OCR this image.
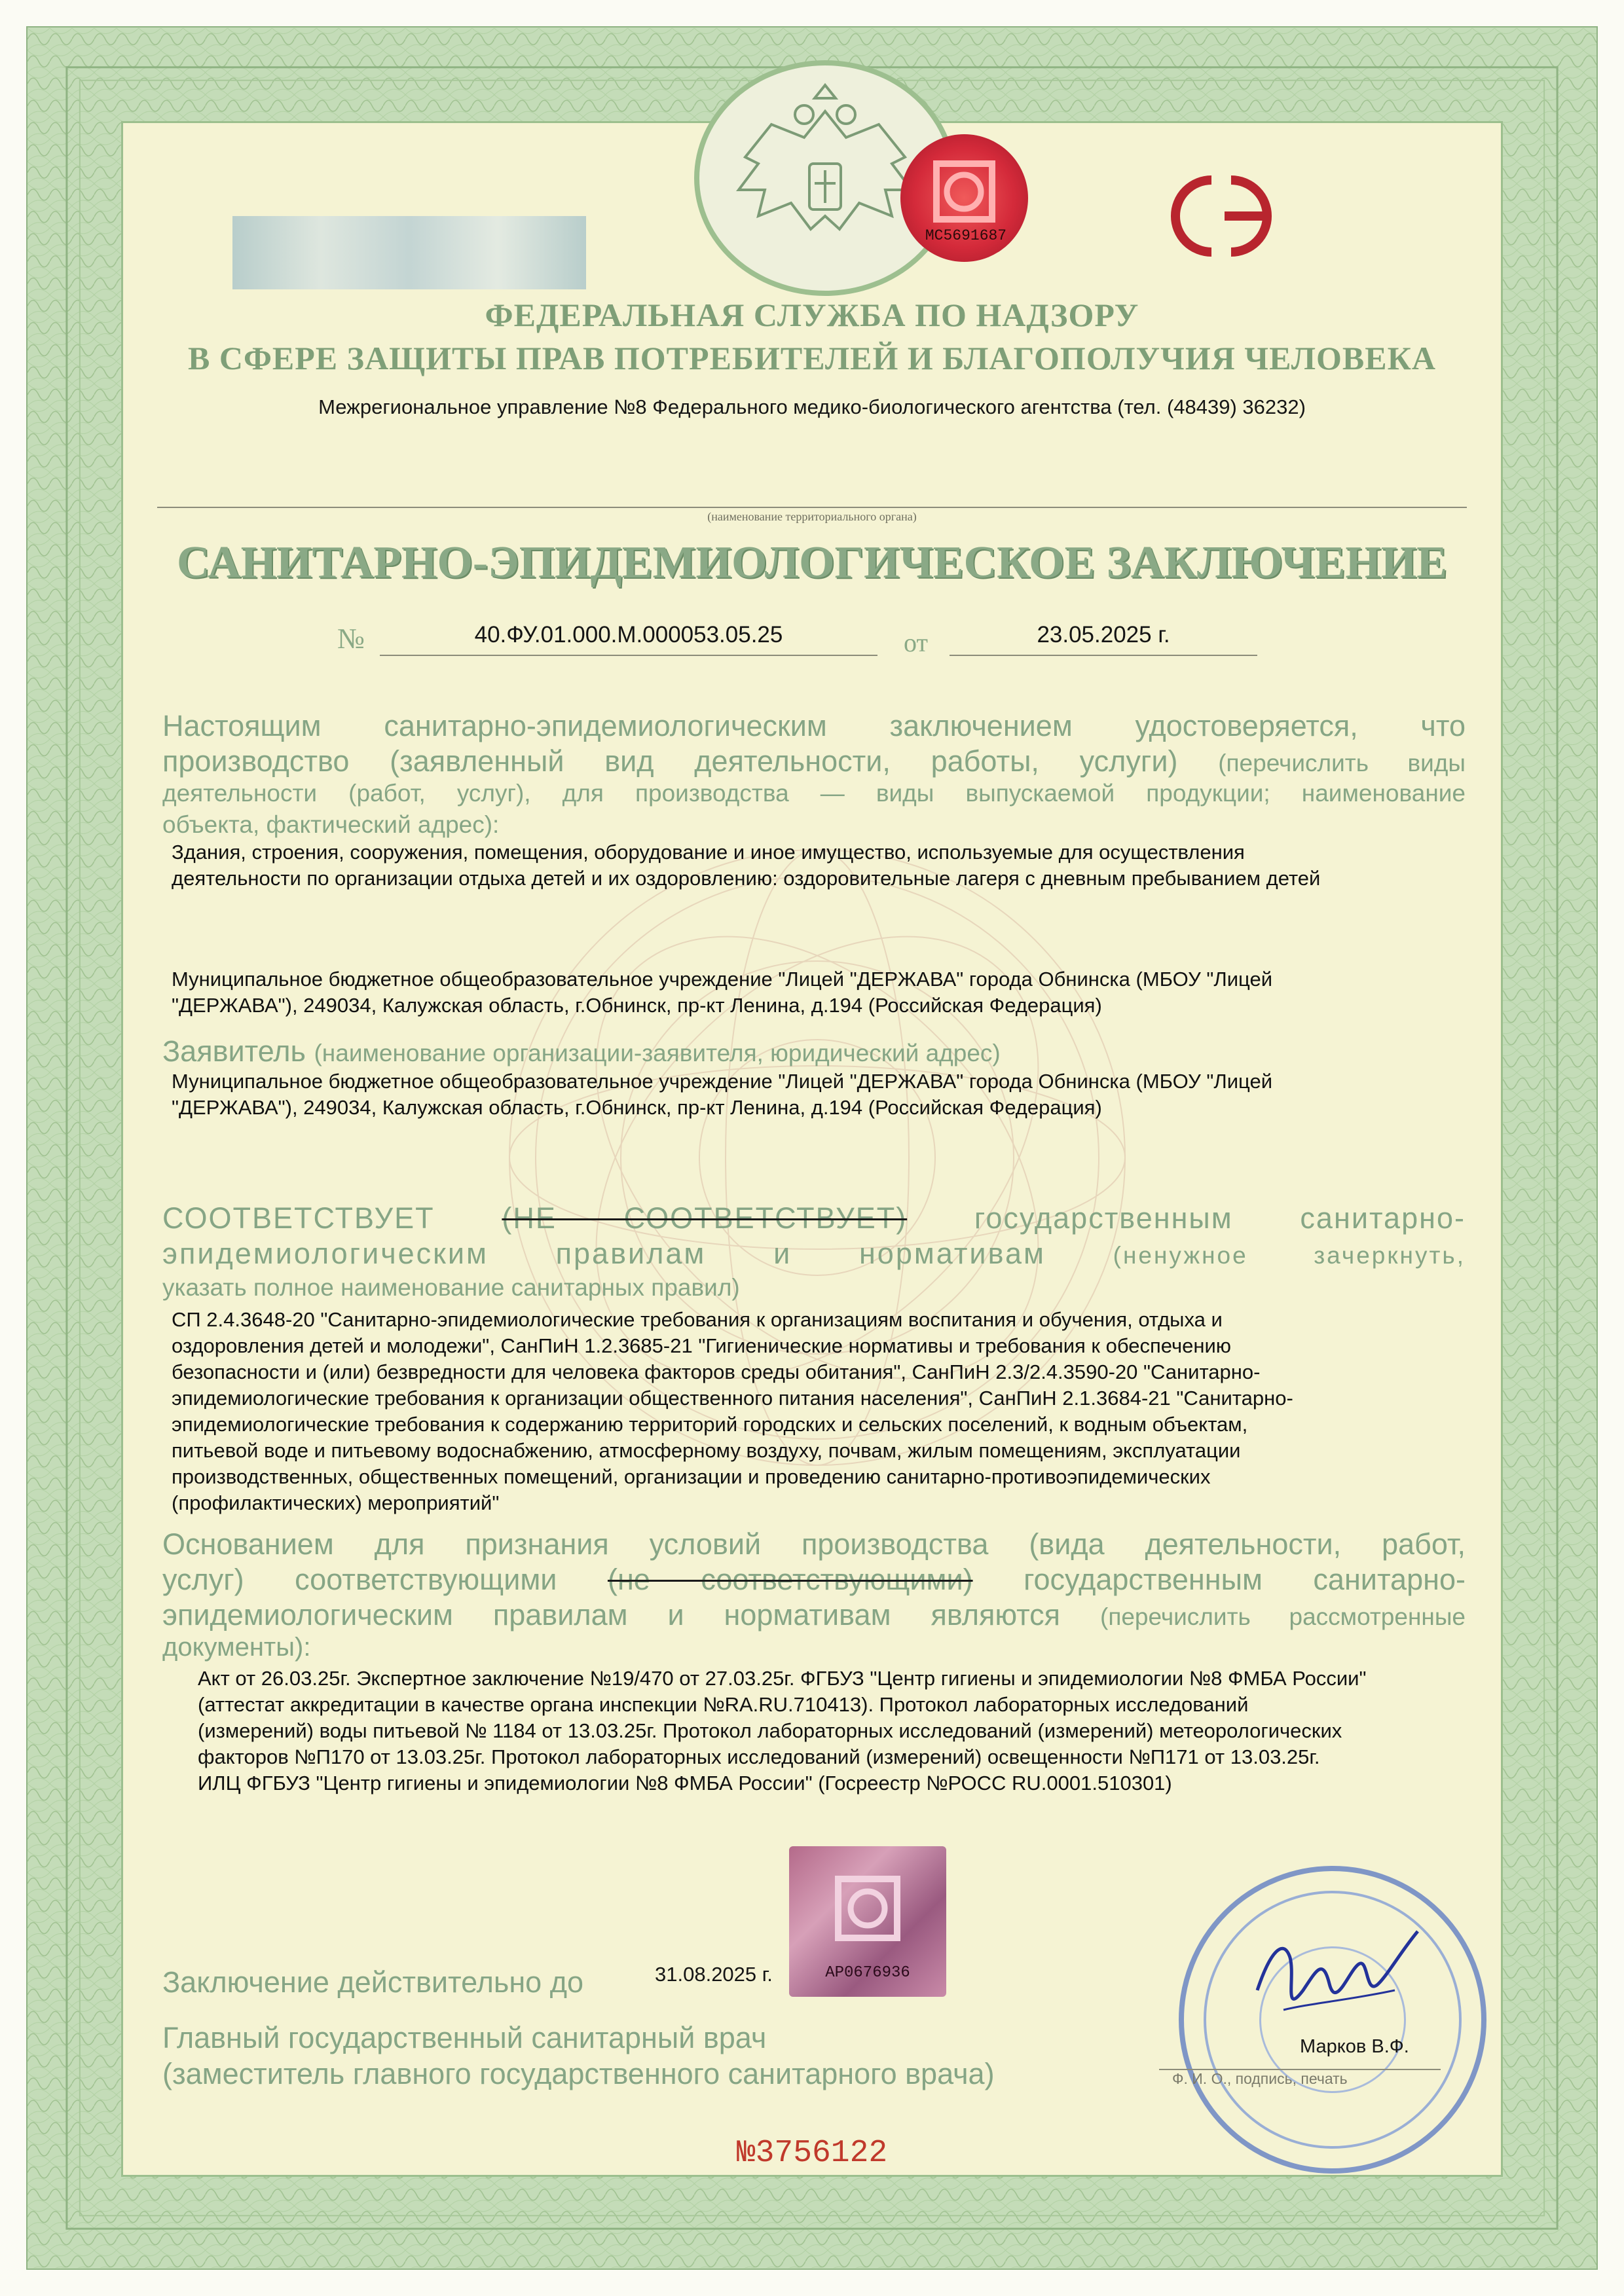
МС5691687
ФЕДЕРАЛЬНАЯ СЛУЖБА ПО НАДЗОРУ
В СФЕРЕ ЗАЩИТЫ ПРАВ ПОТРЕБИТЕЛЕЙ И БЛАГОПОЛУЧИЯ ЧЕЛОВЕКА
Межрегиональное управление №8 Федерального медико-биологического агентства (тел. (48439) 36232)
(наименование территориального органа)
САНИТАРНО-ЭПИДЕМИОЛОГИЧЕСКОЕ ЗАКЛЮЧЕНИЕ
№	40.ФУ.01.000.М.000053.05.25	от	23.05.2025 г.
Настоящим санитарно-эпидемиологическим заключением удостоверяется, что
производство (заявленный вид деятельности, работы, услуги) (перечислить виды
деятельности (работ, услуг), для производства — виды выпускаемой продукции; наименование
объекта, фактический адрес):
Здания, строения, сооружения, помещения, оборудование и иное имущество, используемые для осуществления
деятельности по организации отдыха детей и их оздоровлению: оздоровительные лагеря с дневным пребыванием детей
Муниципальное бюджетное общеобразовательное учреждение "Лицей "ДЕРЖАВА" города Обнинска (МБОУ "Лицей
"ДЕРЖАВА"), 249034, Калужская область, г.Обнинск, пр-кт Ленина, д.194 (Российская Федерация)
Заявитель (наименование организации-заявителя, юридический адрес)
Муниципальное бюджетное общеобразовательное учреждение "Лицей "ДЕРЖАВА" города Обнинска (МБОУ "Лицей
"ДЕРЖАВА"), 249034, Калужская область, г.Обнинск, пр-кт Ленина, д.194 (Российская Федерация)
СООТВЕТСТВУЕТ (НЕ СООТВЕТСТВУЕТ) государственным санитарно-
эпидемиологическим правилам и нормативам	(ненужное зачеркнуть,
указать полное наименование санитарных правил)
СП 2.4.3648-20 "Санитарно-эпидемиологические требования к организациям воспитания и обучения, отдыха и
оздоровления детей и молодежи", СанПиН 1.2.3685-21 "Гигиенические нормативы и требования к обеспечению
безопасности и (или) безвредности для человека факторов среды обитания", СанПиН 2.3/2.4.3590-20 "Санитарно-
эпидемиологические требования к организации общественного питания населения", СанПиН 2.1.3684-21 "Санитарно-
эпидемиологические требования к содержанию территорий городских и сельских поселений, к водным объектам,
питьевой воде и питьевому водоснабжению, атмосферному воздуху, почвам, жилым помещениям, эксплуатации
производственных, общественных помещений, организации и проведению санитарно-противоэпидемических
(профилактических) мероприятий"
Основанием для признания условий производства (вида деятельности, работ,
услуг) соответствующими (не соответствующими) государственным санитарно-
эпидемиологическим правилам и нормативам являются (перечислить рассмотренные
документы):
Акт от 26.03.25г. Экспертное заключение №19/470 от 27.03.25г. ФГБУЗ "Центр гигиены и эпидемиологии №8 ФМБА России"
(аттестат аккредитации в качестве органа инспекции №RA.RU.710413). Протокол лабораторных исследований
(измерений) воды питьевой № 1184 от 13.03.25г. Протокол лабораторных исследований (измерений) метеорологических
факторов №П170 от 13.03.25г. Протокол лабораторных исследований (измерений) освещенности №П171 от 13.03.25г.
ИЛЦ ФГБУЗ "Центр гигиены и эпидемиологии №8 ФМБА России" (Госреестр №РОСС RU.0001.510301)
АР0676936
Заключение действительно до	31.08.2025 г.
Главный государственный санитарный врач
(заместитель главного государственного санитарного врача)
Марков В.Ф.
Ф. И. О., подпись, печать
№3756122
